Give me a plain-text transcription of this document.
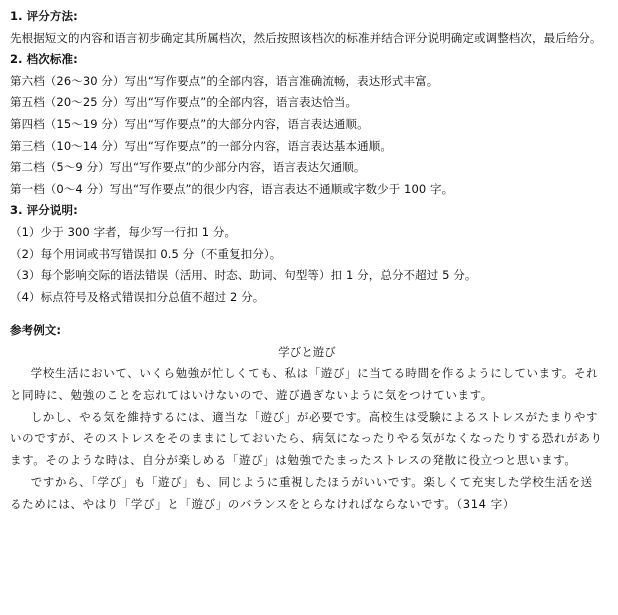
1. 评分方法:
先根据短文的内容和语言初步确定其所属档次，然后按照该档次的标准并结合评分说明确定或调整档次，最后给分。
2. 档次标准:
第六档（26～30 分）写出“写作要点”的全部内容，语言准确流畅，表达形式丰富。
第五档（20～25 分）写出“写作要点”的全部内容，语言表达恰当。
第四档（15～19 分）写出“写作要点”的大部分内容，语言表达通顺。
第三档（10～14 分）写出“写作要点”的一部分内容，语言表达基本通顺。
第二档（5～9 分）写出“写作要点”的少部分内容，语言表达欠通顺。
第一档（0～4 分）写出“写作要点”的很少内容，语言表达不通顺或字数少于 100 字。
3. 评分说明:
（1）少于 300 字者，每少写一行扣 1 分。
（2）每个用词或书写错误扣 0.5 分（不重复扣分）。
（3）每个影响交际的语法错误（活用、时态、助词、句型等）扣 1 分，总分不超过 5 分。
（4）标点符号及格式错误扣分总值不超过 2 分。
参考例文:
学びと遊び

学校生活において、いくら勉強が忙しくても、私は「遊び」に当てる時間を作るようにしています。それと同時に、勉強のことを忘れてはいけないので、遊び過ぎないように気をつけています。

しかし、やる気を維持するには、適当な「遊び」が必要です。高校生は受験によるストレスがたまりやすいのですが、そのストレスをそのままにしておいたら、病気になったりやる気がなくなったりする恐れがあります。そのような時は、自分が楽しめる「遊び」は勉強でたまったストレスの発散に役立つと思います。

ですから、「学び」も「遊び」も、同じように重視したほうがいいです。楽しくて充実した学校生活を送るためには、やはり「学び」と「遊び」のバランスをとらなければならないです。（314 字）
